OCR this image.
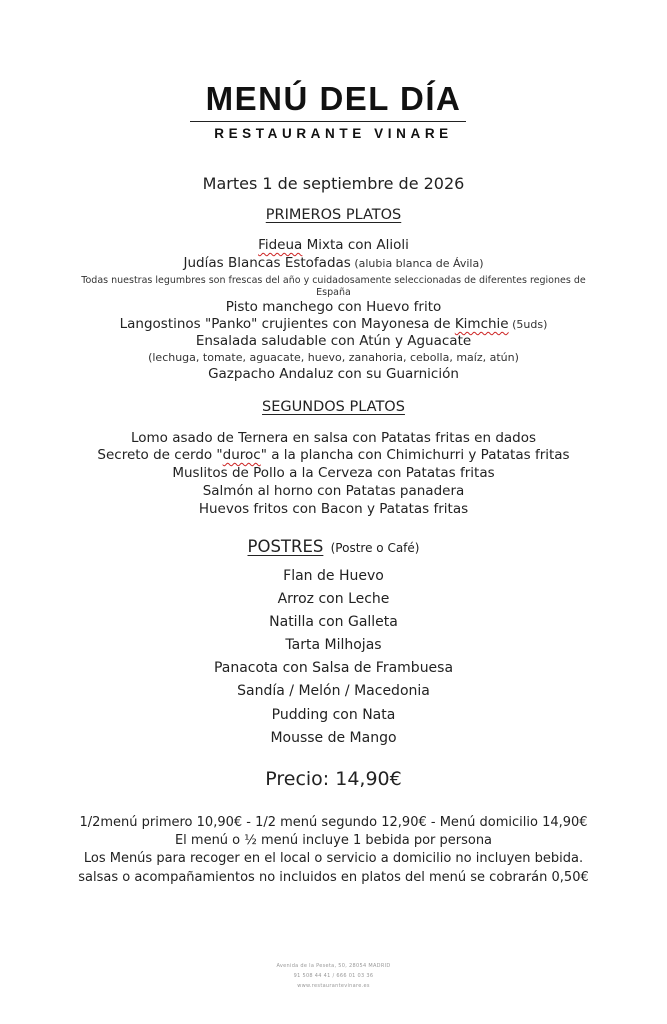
MENÚ DEL DÍA
RESTAURANTE VINARE
Martes 1 de septiembre de 2026
PRIMEROS PLATOS
Fideua Mixta con Alioli
Judías Blancas Estofadas (alubia blanca de Ávila)
Todas nuestras legumbres son frescas del año y cuidadosamente seleccionadas de diferentes regiones de
España
Pisto manchego con Huevo frito
Langostinos "Panko" crujientes con Mayonesa de Kimchie (5uds)
Ensalada saludable con Atún y Aguacate
(lechuga, tomate, aguacate, huevo, zanahoria, cebolla, maíz, atún)
Gazpacho Andaluz con su Guarnición
SEGUNDOS PLATOS
Lomo asado de Ternera en salsa con Patatas fritas en dados
Secreto de cerdo "duroc" a la plancha con Chimichurri y Patatas fritas
Muslitos de Pollo a la Cerveza con Patatas fritas
Salmón al horno con Patatas panadera
Huevos fritos con Bacon y Patatas fritas
POSTRES (Postre o Café)
Flan de Huevo
Arroz con Leche
Natilla con Galleta
Tarta Milhojas
Panacota con Salsa de Frambuesa
Sandía / Melón / Macedonia
Pudding con Nata
Mousse de Mango
Precio: 14,90€
1/2menú primero 10,90€ - 1/2 menú segundo 12,90€ - Menú domicilio 14,90€
El menú o ½ menú incluye 1 bebida por persona
Los Menús para recoger en el local o servicio a domicilio no incluyen bebida.
salsas o acompañamientos no incluidos en platos del menú se cobrarán 0,50€
Avenida de la Peseta, 50, 28054 MADRID
91 508 44 41 / 666 01 03 36
www.restaurantevinare.es
